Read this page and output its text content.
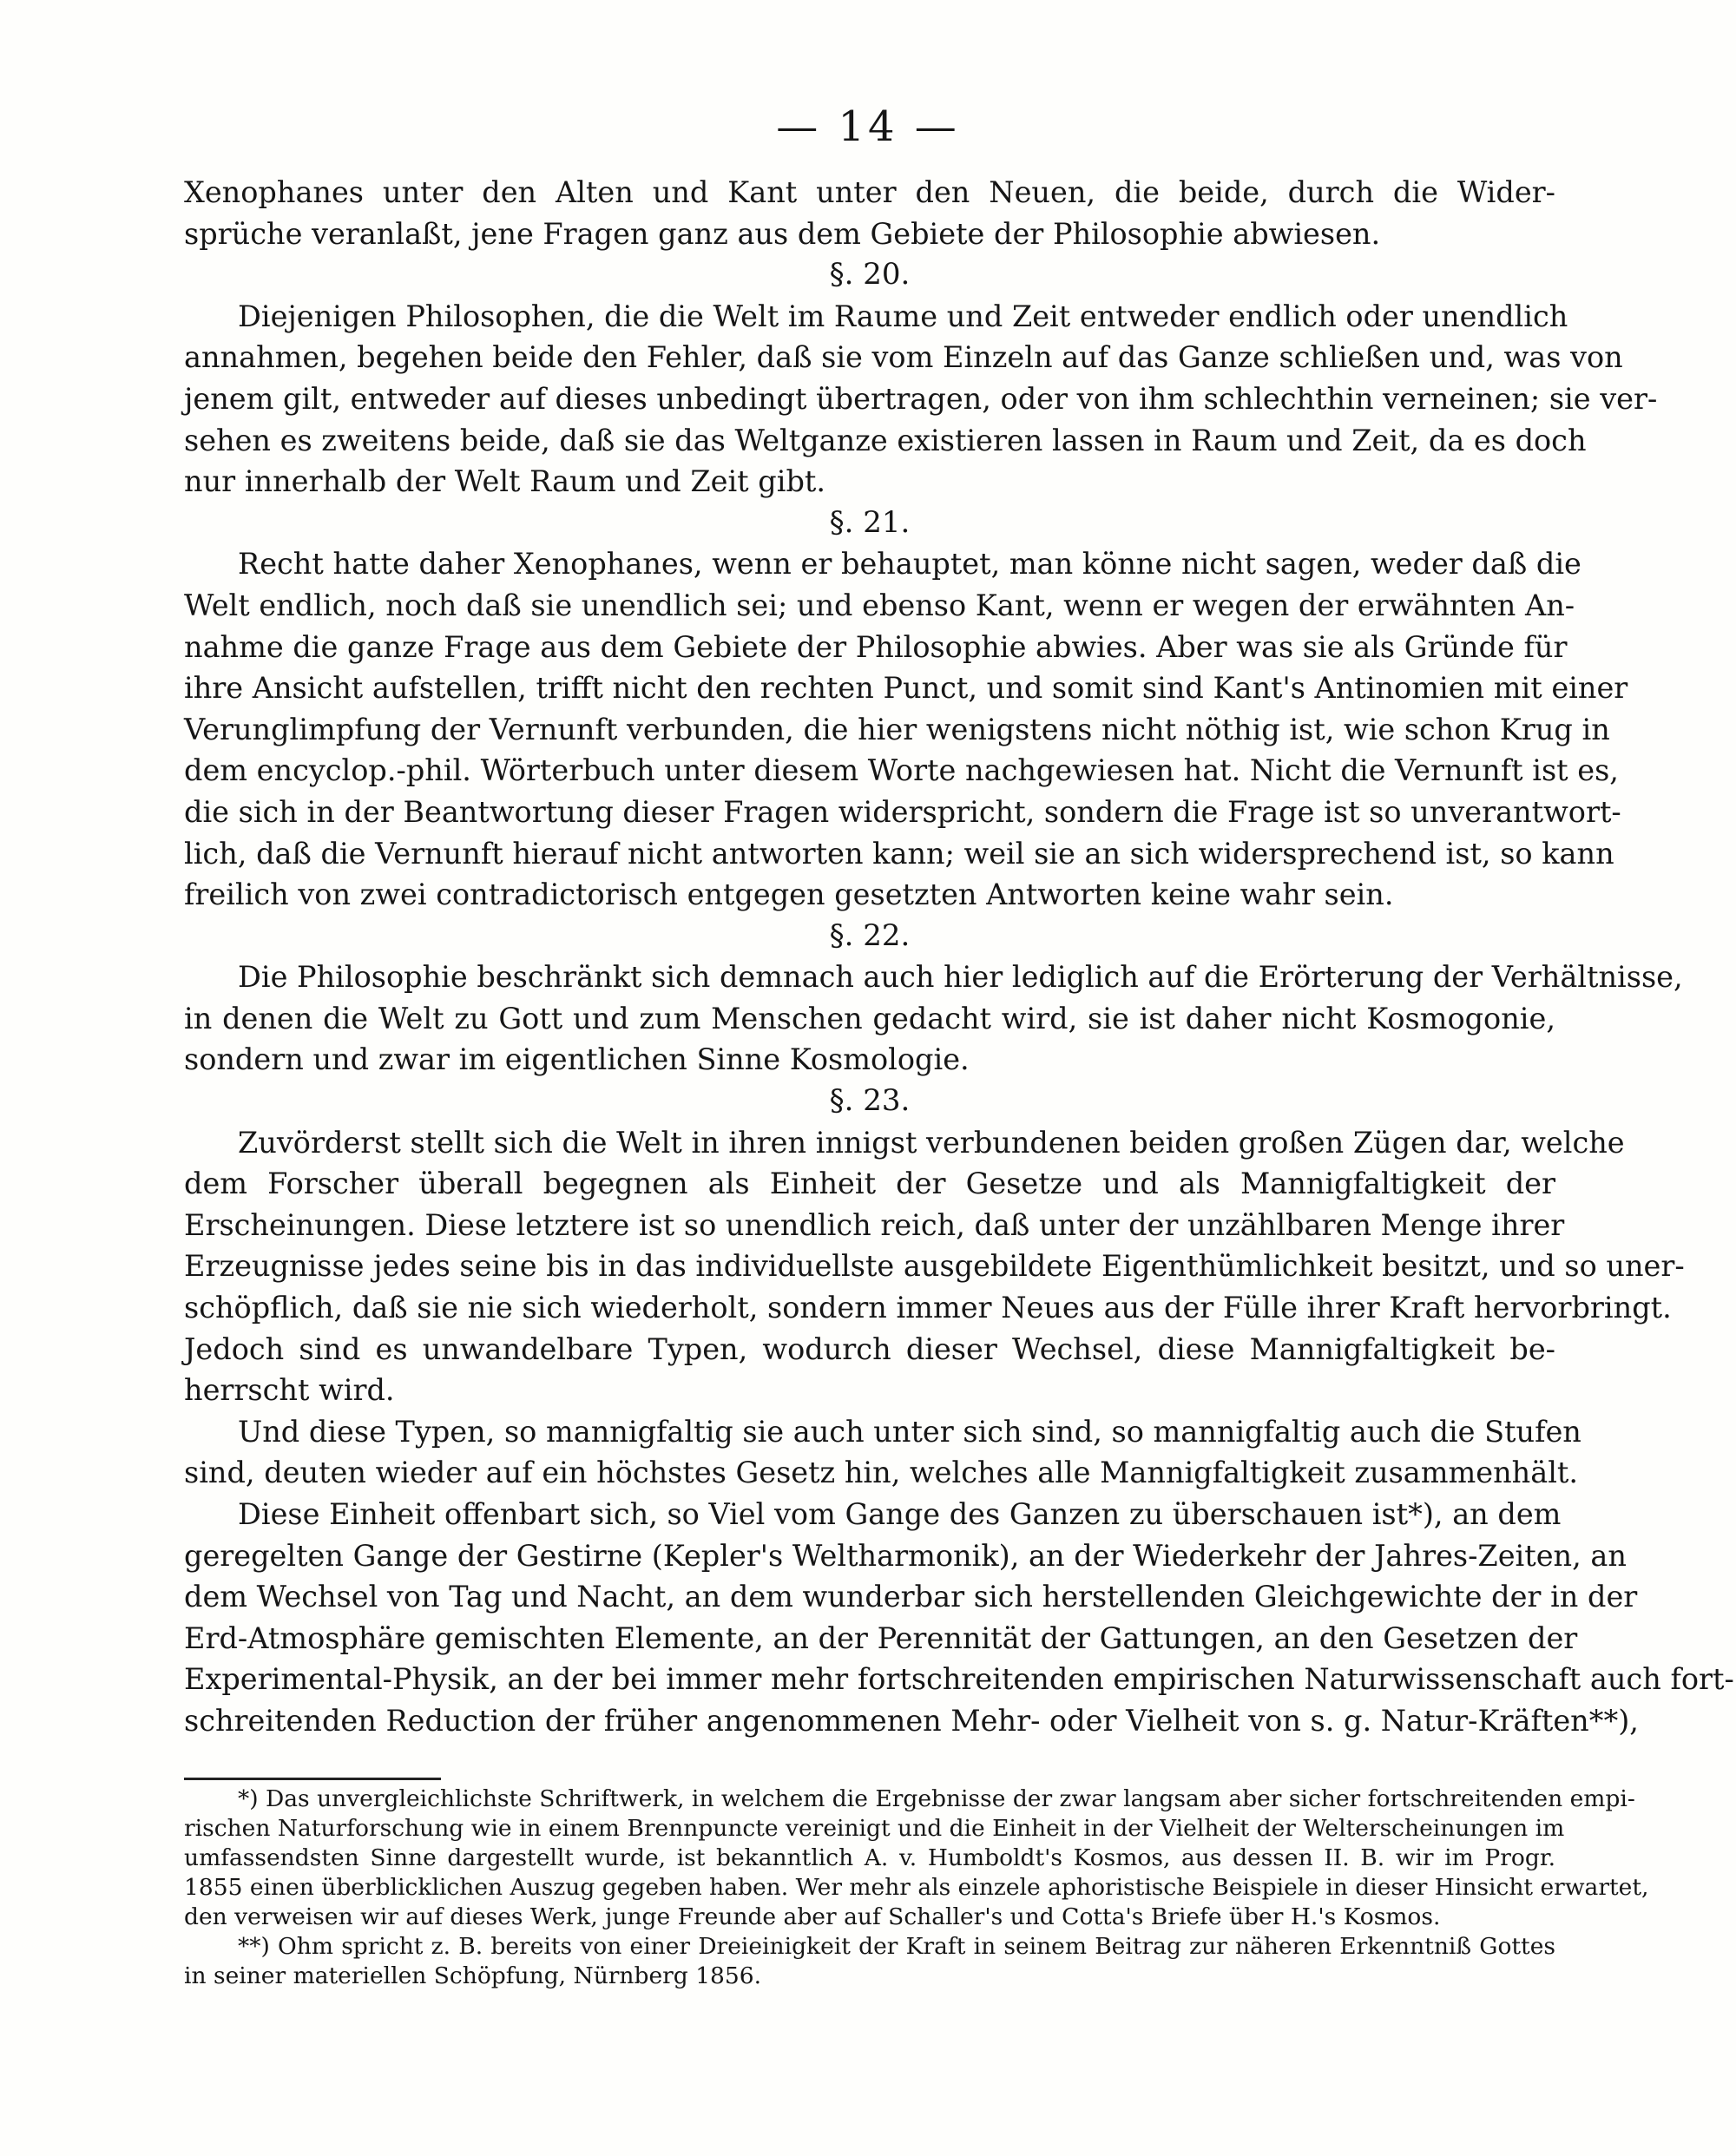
— 14 —
Xenophanes unter den Alten und Kant unter den Neuen, die beide, durch die Wider-
sprüche veranlaßt, jene Fragen ganz aus dem Gebiete der Philosophie abwiesen.
§. 20.
Diejenigen Philosophen, die die Welt im Raume und Zeit entweder endlich oder unendlich
annahmen, begehen beide den Fehler, daß sie vom Einzeln auf das Ganze schließen und, was von
jenem gilt, entweder auf dieses unbedingt übertragen, oder von ihm schlechthin verneinen; sie ver-
sehen es zweitens beide, daß sie das Weltganze existieren lassen in Raum und Zeit, da es doch
nur innerhalb der Welt Raum und Zeit gibt.
§. 21.
Recht hatte daher Xenophanes, wenn er behauptet, man könne nicht sagen, weder daß die
Welt endlich, noch daß sie unendlich sei; und ebenso Kant, wenn er wegen der erwähnten An-
nahme die ganze Frage aus dem Gebiete der Philosophie abwies. Aber was sie als Gründe für
ihre Ansicht aufstellen, trifft nicht den rechten Punct, und somit sind Kant's Antinomien mit einer
Verunglimpfung der Vernunft verbunden, die hier wenigstens nicht nöthig ist, wie schon Krug in
dem encyclop.-phil. Wörterbuch unter diesem Worte nachgewiesen hat. Nicht die Vernunft ist es,
die sich in der Beantwortung dieser Fragen widerspricht, sondern die Frage ist so unverantwort-
lich, daß die Vernunft hierauf nicht antworten kann; weil sie an sich widersprechend ist, so kann
freilich von zwei contradictorisch entgegen gesetzten Antworten keine wahr sein.
§. 22.
Die Philosophie beschränkt sich demnach auch hier lediglich auf die Erörterung der Verhältnisse,
in denen die Welt zu Gott und zum Menschen gedacht wird, sie ist daher nicht Kosmogonie,
sondern und zwar im eigentlichen Sinne Kosmologie.
§. 23.
Zuvörderst stellt sich die Welt in ihren innigst verbundenen beiden großen Zügen dar, welche
dem Forscher überall begegnen als Einheit der Gesetze und als Mannigfaltigkeit der
Erscheinungen. Diese letztere ist so unendlich reich, daß unter der unzählbaren Menge ihrer
Erzeugnisse jedes seine bis in das individuellste ausgebildete Eigenthümlichkeit besitzt, und so uner-
schöpflich, daß sie nie sich wiederholt, sondern immer Neues aus der Fülle ihrer Kraft hervorbringt.
Jedoch sind es unwandelbare Typen, wodurch dieser Wechsel, diese Mannigfaltigkeit be-
herrscht wird.
Und diese Typen, so mannigfaltig sie auch unter sich sind, so mannigfaltig auch die Stufen
sind, deuten wieder auf ein höchstes Gesetz hin, welches alle Mannigfaltigkeit zusammenhält.
Diese Einheit offenbart sich, so Viel vom Gange des Ganzen zu überschauen ist*), an dem
geregelten Gange der Gestirne (Kepler's Weltharmonik), an der Wiederkehr der Jahres-Zeiten, an
dem Wechsel von Tag und Nacht, an dem wunderbar sich herstellenden Gleichgewichte der in der
Erd-Atmosphäre gemischten Elemente, an der Perennität der Gattungen, an den Gesetzen der
Experimental-Physik, an der bei immer mehr fortschreitenden empirischen Naturwissenschaft auch fort-
schreitenden Reduction der früher angenommenen Mehr- oder Vielheit von s. g. Natur-Kräften**),
*) Das unvergleichlichste Schriftwerk, in welchem die Ergebnisse der zwar langsam aber sicher fortschreitenden empi-
rischen Naturforschung wie in einem Brennpuncte vereinigt und die Einheit in der Vielheit der Welterscheinungen im
umfassendsten Sinne dargestellt wurde, ist bekanntlich A. v. Humboldt's Kosmos, aus dessen II. B. wir im Progr.
1855 einen überblicklichen Auszug gegeben haben. Wer mehr als einzele aphoristische Beispiele in dieser Hinsicht erwartet,
den verweisen wir auf dieses Werk, junge Freunde aber auf Schaller's und Cotta's Briefe über H.'s Kosmos.
**) Ohm spricht z. B. bereits von einer Dreieinigkeit der Kraft in seinem Beitrag zur näheren Erkenntniß Gottes
in seiner materiellen Schöpfung, Nürnberg 1856.
